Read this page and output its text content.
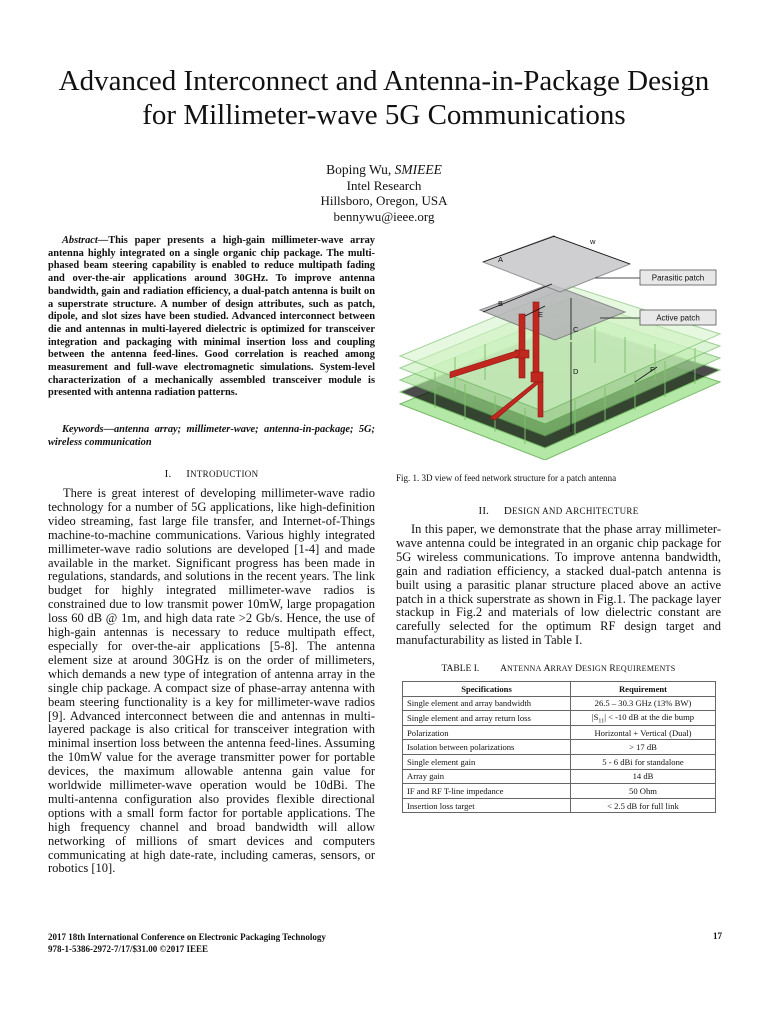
Advanced Interconnect and Antenna-in-Package Design for Millimeter-wave 5G Communications
Boping Wu, SMIEEE
Intel Research
Hillsboro, Oregon, USA
bennywu@ieee.org
Abstract—This paper presents a high-gain millimeter-wave array antenna highly integrated on a single organic chip package. The multi-phased beam steering capability is enabled to reduce multipath fading and over-the-air applications around 30GHz. To improve antenna bandwidth, gain and radiation efficiency, a dual-patch antenna is built on a superstrate structure. A number of design attributes, such as patch, dipole, and slot sizes have been studied. Advanced interconnect between die and antennas in multi-layered dielectric is optimized for transceiver integration and packaging with minimal insertion loss and coupling between the antenna feed-lines. Good correlation is reached among measurement and full-wave electromagnetic simulations. System-level characterization of a mechanically assembled transceiver module is presented with antenna radiation patterns.
Keywords—antenna array; millimeter-wave; antenna-in-package; 5G; wireless communication
I. INTRODUCTION
There is great interest of developing millimeter-wave radio technology for a number of 5G applications, like high-definition video streaming, fast large file transfer, and Internet-of-Things machine-to-machine communications. Various highly integrated millimeter-wave radio solutions are developed [1-4] and made available in the market. Significant progress has been made in regulations, standards, and solutions in the recent years. The link budget for highly integrated millimeter-wave radios is constrained due to low transmit power 10mW, large propagation loss 60 dB @ 1m, and high data rate >2 Gb/s. Hence, the use of high-gain antennas is necessary to reduce multipath effect, especially for over-the-air applications [5-8]. The antenna element size at around 30GHz is on the order of millimeters, which demands a new type of integration of antenna array in the single chip package. A compact size of phase-array antenna with beam steering functionality is a key for millimeter-wave radios [9]. Advanced interconnect between die and antennas in multi-layered package is also critical for transceiver integration with minimal insertion loss between the antenna feed-lines. Assuming the 10mW value for the average transmitter power for portable devices, the maximum allowable antenna gain value for worldwide millimeter-wave operation would be 10dBi. The multi-antenna configuration also provides flexible directional options with a small form factor for portable applications. The high frequency channel and broad bandwidth will allow networking of millions of smart devices and computers communicating at high date-rate, including cameras, sensors, or robotics [10].
w
A
B
C
D
E
F
Parasitic patch
Active patch
Fig. 1. 3D view of feed network structure for a patch antenna
II. DESIGN AND ARCHITECTURE
In this paper, we demonstrate that the phase array millimeter-wave antenna could be integrated in an organic chip package for 5G wireless communications. To improve antenna bandwidth, gain and radiation efficiency, a stacked dual-patch antenna is built using a parasitic planar structure placed above an active patch in a thick superstrate as shown in Fig.1. The package layer stackup in Fig.2 and materials of low dielectric constant are carefully selected for the optimum RF design target and manufacturability as listed in Table I.
TABLE I. ANTENNA ARRAY DESIGN REQUIREMENTS
Specifications	Requirement
Single element and array bandwidth	26.5 – 30.3 GHz (13% BW)
Single element and array return loss	$|S_{11}| < -10$ dB at the die bump
Polarization	Horizontal + Vertical (Dual)
Isolation between polarizations	> 17 dB
Single element gain	5 - 6 dBi for standalone
Array gain	14 dB
IF and RF T-line impedance	50 Ohm
Insertion loss target	< 2.5 dB for full link
2017 18th International Conference on Electronic Packaging Technology
978-1-5386-2972-7/17/$31.00 ©2017 IEEE
17
